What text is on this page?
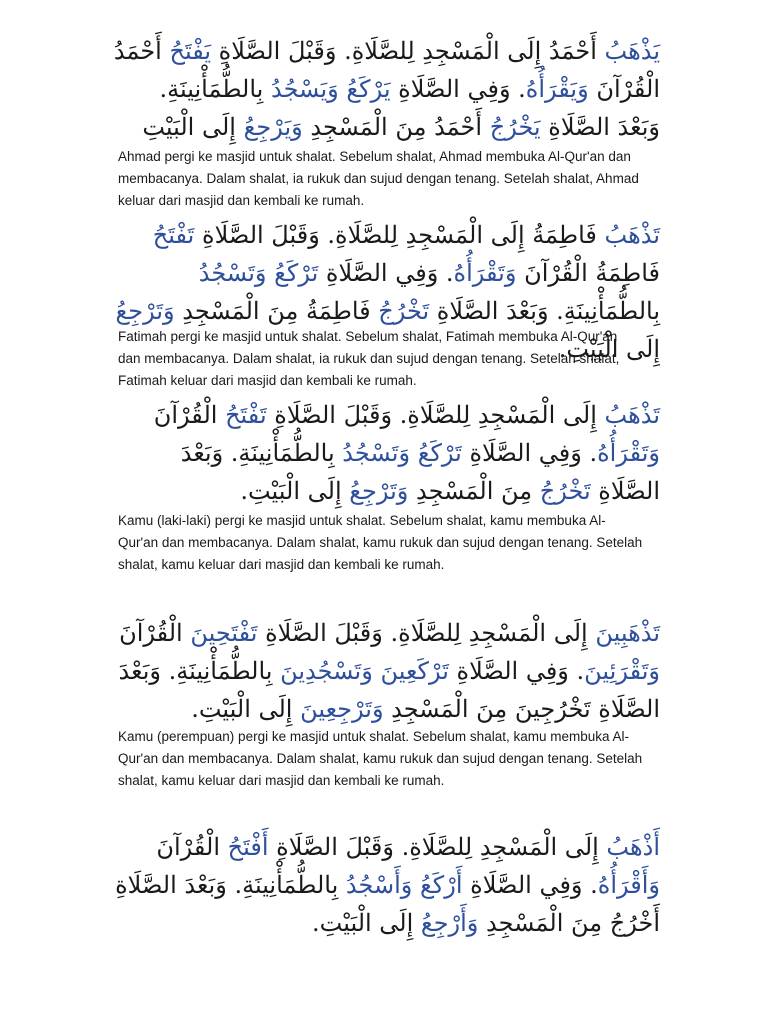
يَذْهَبُ أَحْمَدُ إِلَى الْمَسْجِدِ لِلصَّلَاةِ. وَقَبْلَ الصَّلَاةِ يَفْتَحُ أَحْمَدُ الْقُرْآنَ وَيَقْرَأُهُ. وَفِي الصَّلَاةِ يَرْكَعُ وَيَسْجُدُ بِالطُّمَأْنِينَةِ. وَبَعْدَ الصَّلَاةِ يَخْرُجُ أَحْمَدُ مِنَ الْمَسْجِدِ وَيَرْجِعُ إِلَى الْبَيْتِ

Ahmad pergi ke masjid untuk shalat. Sebelum shalat, Ahmad membuka Al-Qur'an dan membacanya. Dalam shalat, ia rukuk dan sujud dengan tenang. Setelah shalat, Ahmad keluar dari masjid dan kembali ke rumah.

تَذْهَبُ فَاطِمَةُ إِلَى الْمَسْجِدِ لِلصَّلَاةِ. وَقَبْلَ الصَّلَاةِ تَفْتَحُ فَاطِمَةُ الْقُرْآنَ وَتَقْرَأُهُ. وَفِي الصَّلَاةِ تَرْكَعُ وَتَسْجُدُ بِالطُّمَأْنِينَةِ. وَبَعْدَ الصَّلَاةِ تَخْرُجُ فَاطِمَةُ مِنَ الْمَسْجِدِ وَتَرْجِعُ إِلَى الْبَيْتِ.

Fatimah pergi ke masjid untuk shalat. Sebelum shalat, Fatimah membuka Al-Qur'an dan membacanya. Dalam shalat, ia rukuk dan sujud dengan tenang. Setelah shalat, Fatimah keluar dari masjid dan kembali ke rumah.

تَذْهَبُ إِلَى الْمَسْجِدِ لِلصَّلَاةِ. وَقَبْلَ الصَّلَاةِ تَفْتَحُ الْقُرْآنَ وَتَقْرَأُهُ. وَفِي الصَّلَاةِ تَرْكَعُ وَتَسْجُدُ بِالطُّمَأْنِينَةِ. وَبَعْدَ الصَّلَاةِ تَخْرُجُ مِنَ الْمَسْجِدِ وَتَرْجِعُ إِلَى الْبَيْتِ.

Kamu (laki-laki) pergi ke masjid untuk shalat. Sebelum shalat, kamu membuka Al-Qur'an dan membacanya. Dalam shalat, kamu rukuk dan sujud dengan tenang. Setelah shalat, kamu keluar dari masjid dan kembali ke rumah.

تَذْهَبِينَ إِلَى الْمَسْجِدِ لِلصَّلَاةِ. وَقَبْلَ الصَّلَاةِ تَفْتَحِينَ الْقُرْآنَ وَتَقْرَئِينَ. وَفِي الصَّلَاةِ تَرْكَعِينَ وَتَسْجُدِينَ بِالطُّمَأْنِينَةِ. وَبَعْدَ الصَّلَاةِ تَخْرُجِينَ مِنَ الْمَسْجِدِ وَتَرْجِعِينَ إِلَى الْبَيْتِ.

Kamu (perempuan) pergi ke masjid untuk shalat. Sebelum shalat, kamu membuka Al-Qur'an dan membacanya. Dalam shalat, kamu rukuk dan sujud dengan tenang. Setelah shalat, kamu keluar dari masjid dan kembali ke rumah.

أَذْهَبُ إِلَى الْمَسْجِدِ لِلصَّلَاةِ. وَقَبْلَ الصَّلَاةِ أَفْتَحُ الْقُرْآنَ وَأَقْرَأُهُ. وَفِي الصَّلَاةِ أَرْكَعُ وَأَسْجُدُ بِالطُّمَأْنِينَةِ. وَبَعْدَ الصَّلَاةِ أَخْرُجُ مِنَ الْمَسْجِدِ وَأَرْجِعُ إِلَى الْبَيْتِ.
